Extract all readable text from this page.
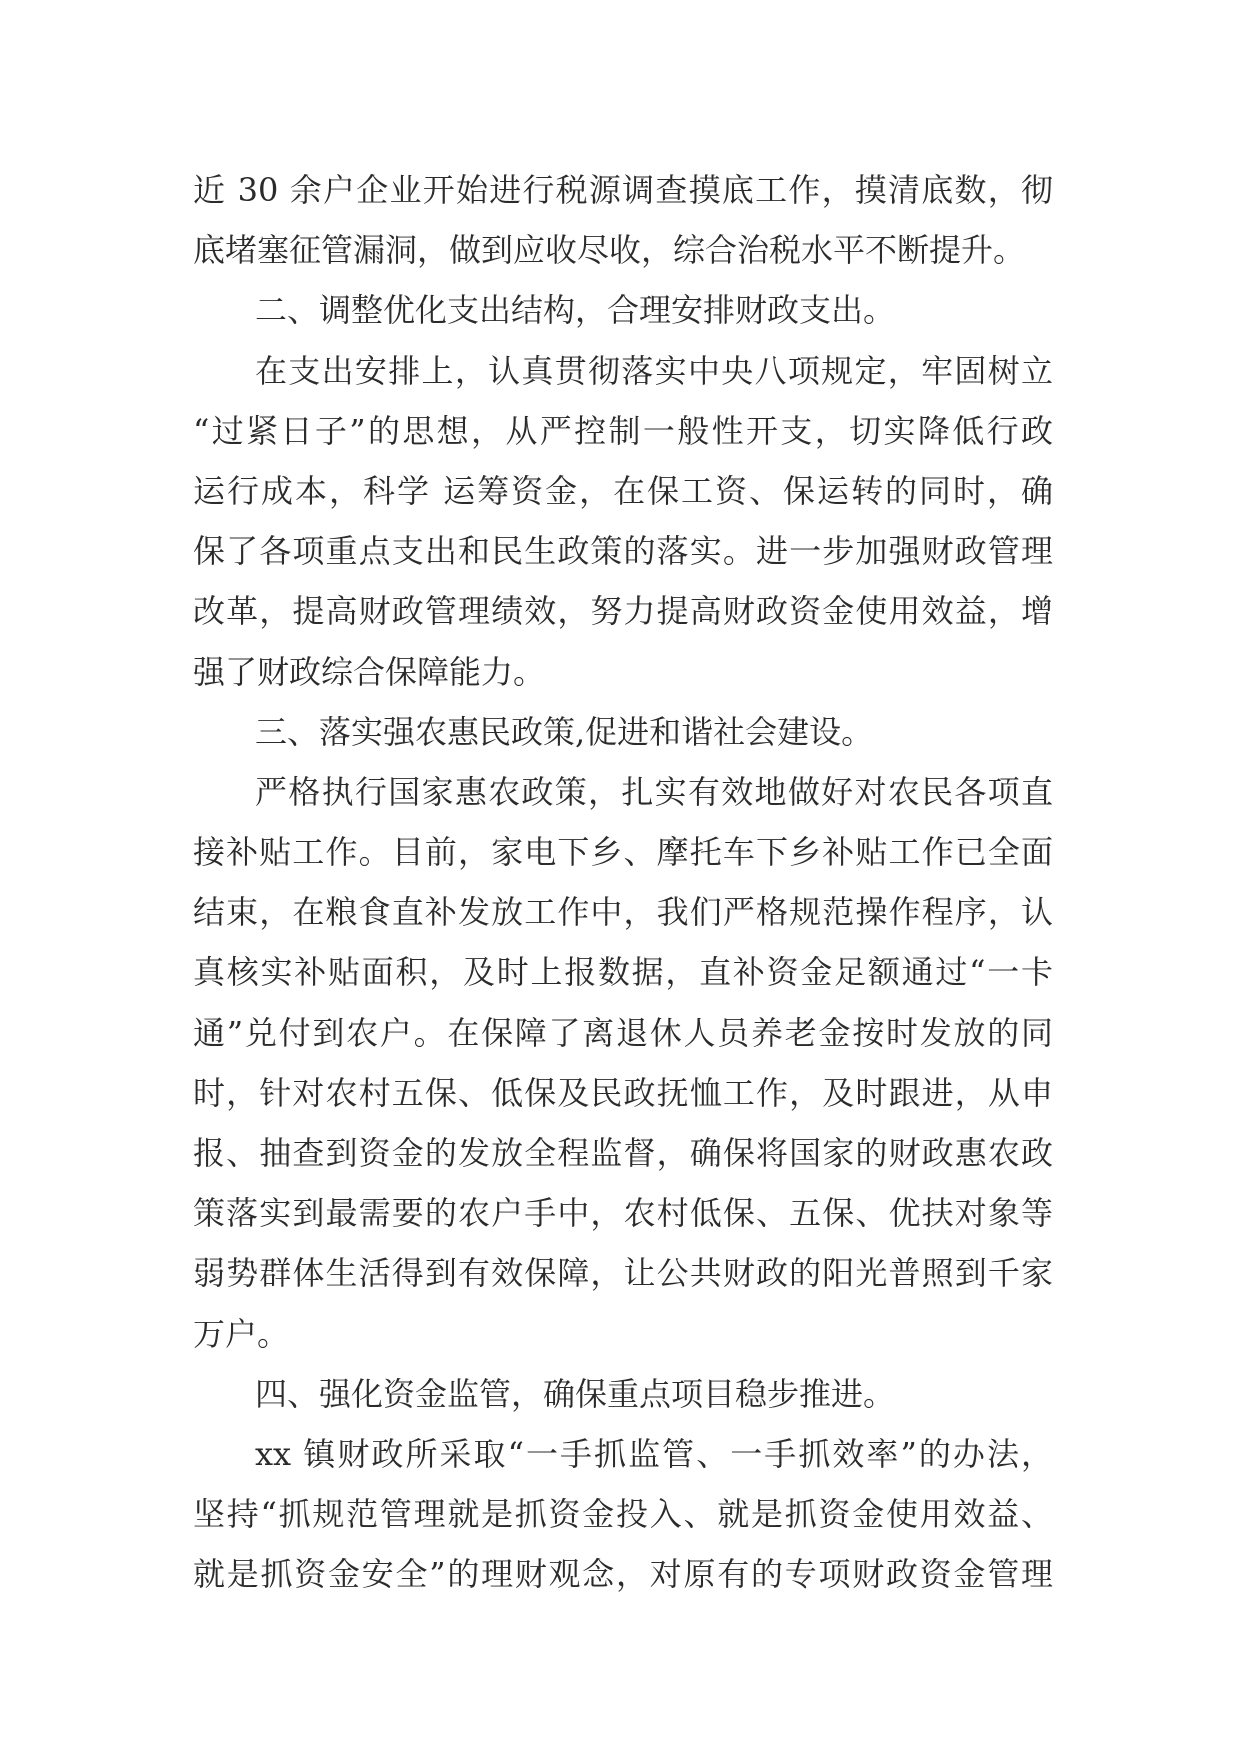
近 30 余户企业开始进行税源调查摸底工作，摸清底数，彻
底堵塞征管漏洞，做到应收尽收，综合治税水平不断提升。
二、调整优化支出结构，合理安排财政支出。
在支出安排上，认真贯彻落实中央八项规定，牢固树立
“过紧日子”的思想，从严控制一般性开支，切实降低行政
运行成本，科学 运筹资金，在保工资、保运转的同时，确
保了各项重点支出和民生政策的落实。进一步加强财政管理
改革，提高财政管理绩效，努力提高财政资金使用效益，增
强了财政综合保障能力。
三、落实强农惠民政策,促进和谐社会建设。
严格执行国家惠农政策，扎实有效地做好对农民各项直
接补贴工作。目前，家电下乡、摩托车下乡补贴工作已全面
结束，在粮食直补发放工作中，我们严格规范操作程序，认
真核实补贴面积，及时上报数据，直补资金足额通过“一卡
通”兑付到农户。在保障了离退休人员养老金按时发放的同
时，针对农村五保、低保及民政抚恤工作，及时跟进，从申
报、抽查到资金的发放全程监督，确保将国家的财政惠农政
策落实到最需要的农户手中，农村低保、五保、优扶对象等
弱势群体生活得到有效保障，让公共财政的阳光普照到千家
万户。
四、强化资金监管，确保重点项目稳步推进。
xx 镇财政所采取“一手抓监管、一手抓效率”的办法，
坚持“抓规范管理就是抓资金投入、就是抓资金使用效益、
就是抓资金安全”的理财观念，对原有的专项财政资金管理
